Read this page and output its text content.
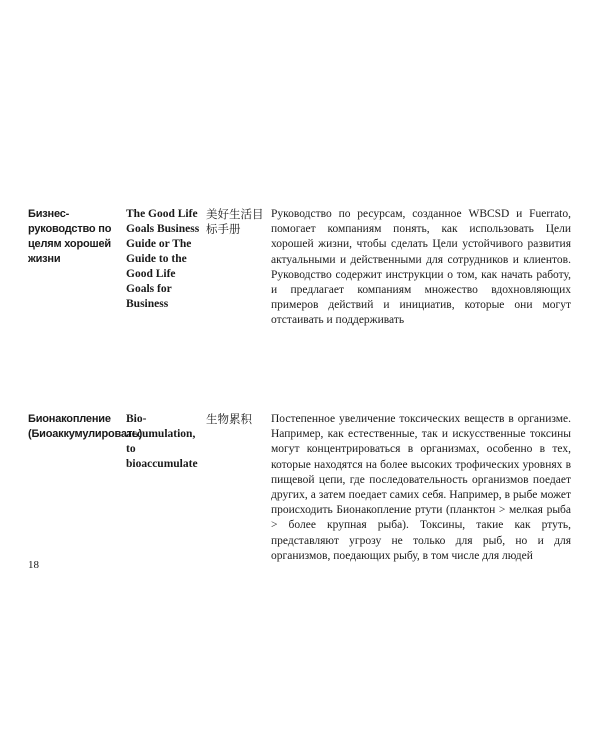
Бизнес-руководство по целям хорошей жизни
The Good Life Goals Business Guide or The Guide to the Good Life Goals for Business
美好生活目标手册
Руководство по ресурсам, созданное WBCSD и Fuerrato, помогает компаниям понять, как использовать Цели хорошей жизни, чтобы сделать Цели устойчивого развития актуальными и действенными для сотрудников и клиентов. Руководство содержит инструкции о том, как начать работу, и предлагает компаниям множество вдохновляющих примеров действий и инициатив, которые они могут отстаивать и поддерживать
Бионакопление (Биоаккумулировать)
Bio-accumulation, to bioaccumulate
生物累积	Постепенное увеличение токсических веществ в организме. Например, как естественные, так и искусственные токсины могут концентрироваться в организмах, особенно в тех, которые находятся на более высоких трофических уровнях в пищевой цепи, где последовательность организмов поедает других, а затем поедает самих себя. Например, в рыбе может происходить Бионакопление ртути (планктон > мелкая рыба > более крупная рыба). Токсины, такие как ртуть, представляют угрозу не только для рыб, но и для организмов, поедающих рыбу, в том числе для людей
18
